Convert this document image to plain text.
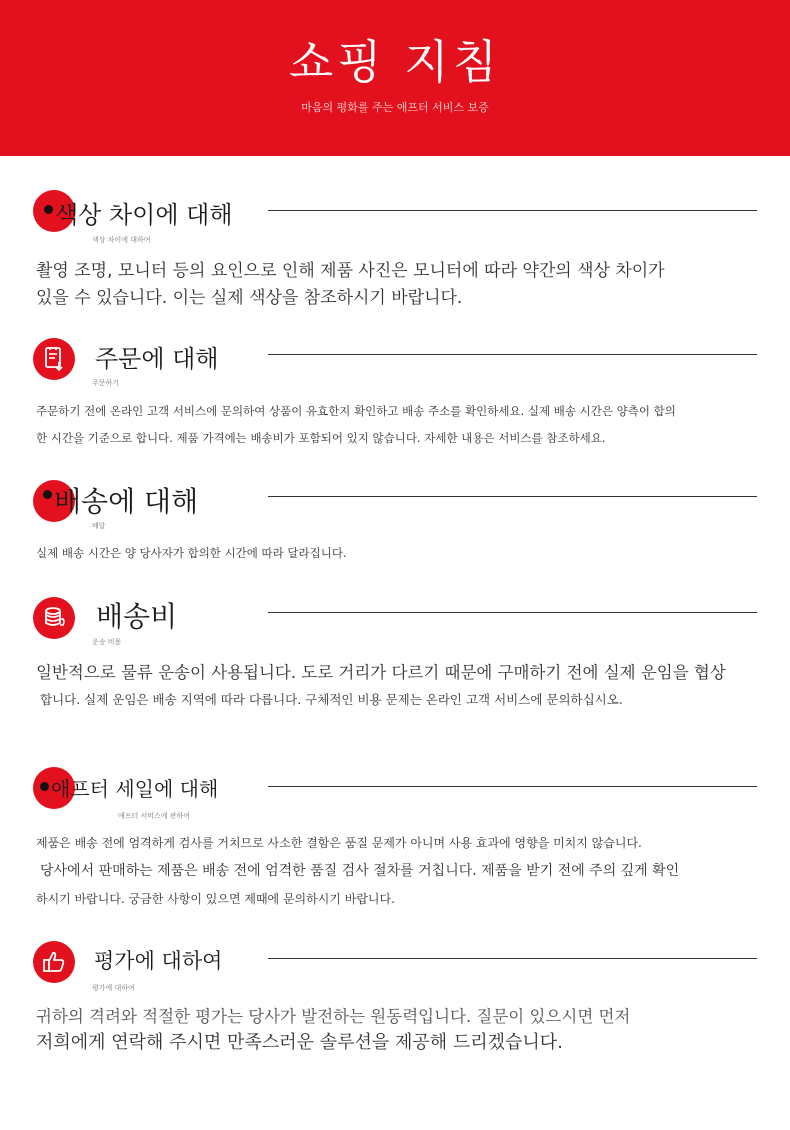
쇼핑 지침
마음의 평화를 주는 애프터 서비스 보증
색상 차이에 대해
색상 차이에 대하여
촬영 조명, 모니터 등의 요인으로 인해 제품 사진은 모니터에 따라 약간의 색상 차이가
있을 수 있습니다. 이는 실제 색상을 참조하시기 바랍니다.
주문에 대해
주문하기
주문하기 전에 온라인 고객 서비스에 문의하여 상품이 유효한지 확인하고 배송 주소를 확인하세요. 실제 배송 시간은 양측이 합의
한 시간을 기준으로 합니다. 제품 가격에는 배송비가 포함되어 있지 않습니다. 자세한 내용은 서비스를 참조하세요.
배송에 대해
배달
실제 배송 시간은 양 당사자가 합의한 시간에 따라 달라집니다.
배송비
운송 비용
일반적으로 물류 운송이 사용됩니다. 도로 거리가 다르기 때문에 구매하기 전에 실제 운임을 협상
합니다. 실제 운임은 배송 지역에 따라 다릅니다. 구체적인 비용 문제는 온라인 고객 서비스에 문의하십시오.
애프터 세일에 대해
애프터 서비스에 관하여
제품은 배송 전에 엄격하게 검사를 거치므로 사소한 결함은 품질 문제가 아니며 사용 효과에 영향을 미치지 않습니다.
당사에서 판매하는 제품은 배송 전에 엄격한 품질 검사 절차를 거칩니다. 제품을 받기 전에 주의 깊게 확인
하시기 바랍니다. 궁금한 사항이 있으면 제때에 문의하시기 바랍니다.
평가에 대하여
평가에 대하여
귀하의 격려와 적절한 평가는 당사가 발전하는 원동력입니다. 질문이 있으시면 먼저
저희에게 연락해 주시면 만족스러운 솔루션을 제공해 드리겠습니다.
